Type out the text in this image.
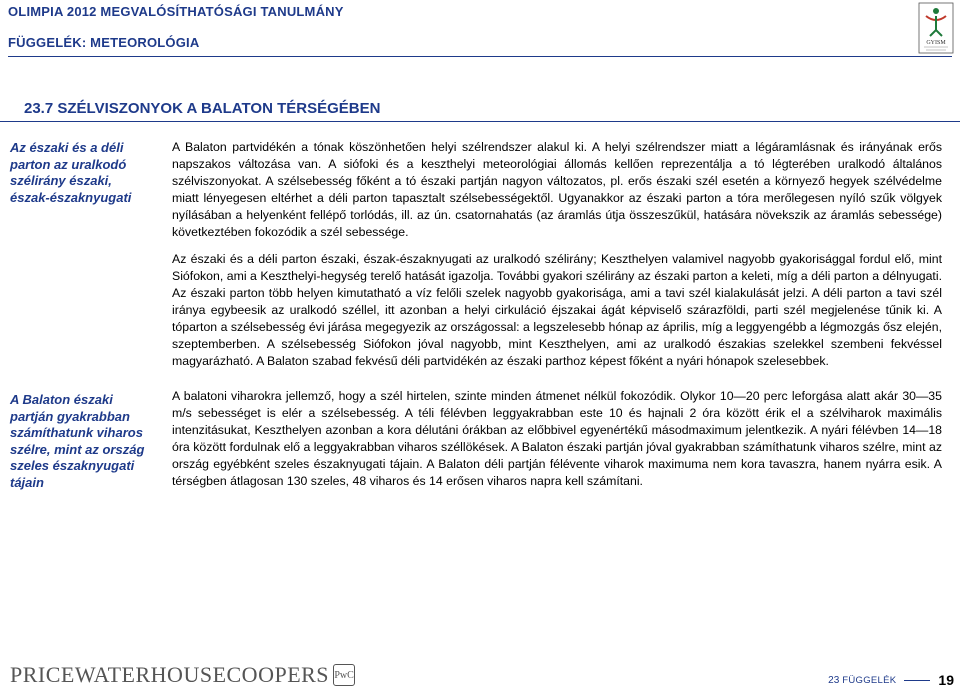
OLIMPIA 2012 MEGVALÓSÍTHATÓSÁGI TANULMÁNY
FÜGGELÉK: METEOROLÓGIA	GYISM
23.7 SZÉLVISZONYOK A BALATON TÉRSÉGÉBEN
Az északi és a déli parton az uralkodó szélirány északi, észak-északnyugati
A Balaton északi partján gyakrabban számíthatunk viharos szélre, mint az ország szeles északnyugati tájain

A Balaton partvidékén a tónak köszönhetően helyi szélrendszer alakul ki. A helyi szélrendszer miatt a légáramlásnak és irányának erős napszakos változása van. A siófoki és a keszthelyi meteorológiai állomás kellően reprezentálja a tó légterében uralkodó általános szélviszonyokat. A szélsebesség főként a tó északi partján nagyon változatos, pl. erős északi szél esetén a környező hegyek szélvédelme miatt lényegesen eltérhet a déli parton tapasztalt szélsebességektől. Ugyanakkor az északi parton a tóra merőlegesen nyíló szűk völgyek nyílásában a helyenként fellépő torlódás, ill. az ún. csatornahatás (az áramlás útja összeszűkül, hatására növekszik az áramlás sebessége) következtében fokozódik a szél sebessége.

Az északi és a déli parton északi, észak-északnyugati az uralkodó szélirány; Keszthelyen valamivel nagyobb gyakorisággal fordul elő, mint Siófokon, ami a Keszthelyi-hegység terelő hatását igazolja. További gyakori szélirány az északi parton a keleti, míg a déli parton a délnyugati. Az északi parton több helyen kimutatható a víz felőli szelek nagyobb gyakorisága, ami a tavi szél kialakulását jelzi. A déli parton a tavi szél iránya egybeesik az uralkodó széllel, itt azonban a helyi cirkuláció éjszakai ágát képviselő szárazföldi, parti szél megjelenése tűnik ki. A tóparton a szélsebesség évi járása megegyezik az országossal: a legszelesebb hónap az április, míg a leggyengébb a légmozgás ősz elején, szeptemberben. A szélsebesség Siófokon jóval nagyobb, mint Keszthelyen, ami az uralkodó északias szelekkel szembeni fekvéssel magyarázható. A Balaton szabad fekvésű déli partvidékén az északi parthoz képest főként a nyári hónapok szelesebbek.

A balatoni viharokra jellemző, hogy a szél hirtelen, szinte minden átmenet nélkül fokozódik. Olykor 10—20 perc leforgása alatt akár 30—35 m/s sebességet is elér a szélsebesség. A téli félévben leggyakrabban este 10 és hajnali 2 óra között érik el a szélviharok maximális intenzitásukat, Keszthelyen azonban a kora délutáni órákban az előbbivel egyenértékű másodmaximum jelentkezik. A nyári félévben 14—18 óra között fordulnak elő a leggyakrabban viharos széllökések. A Balaton északi partján jóval gyakrabban számíthatunk viharos szélre, mint az ország egyébként szeles északnyugati tájain. A Balaton déli partján félévente viharok maximuma nem kora tavaszra, hanem nyárra esik. A térségben átlagosan 130 szeles, 48 viharos és 14 erősen viharos napra kell számítani.

PRICEWATERHOUSECOOPERS PwC	23 FÜGGELÉK	19
